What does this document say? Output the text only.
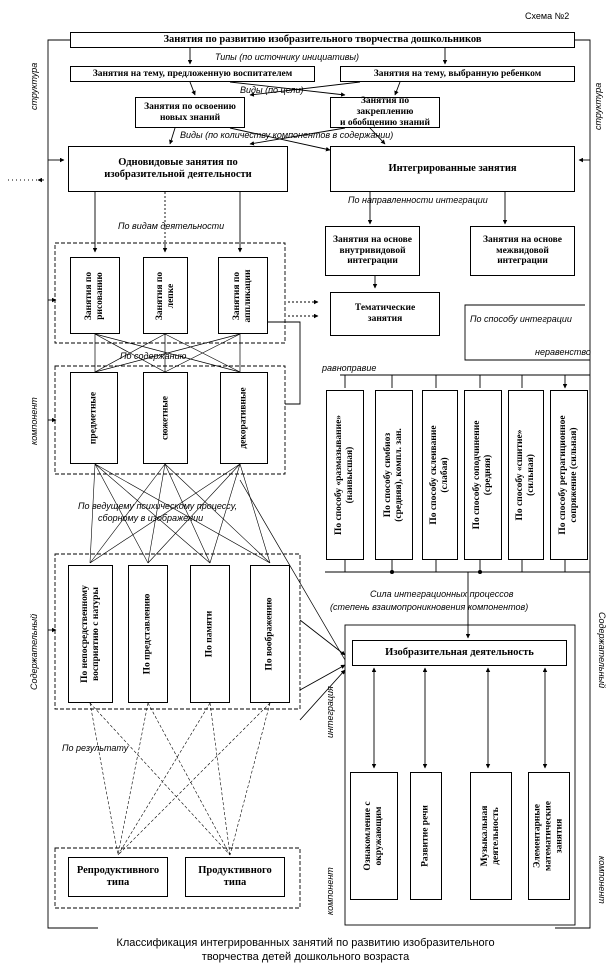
Схема №2
Занятия по развитию изобразительного творчества дошкольников
Типы (по источнику инициативы)
Занятия на тему, предложенную воспитателем	Занятия на тему, выбранную ребенком
Виды (по цели)
Занятия по освоению
новых знаний
Занятия по закреплению
и обобщению знаний
Виды (по количеству компонентов в содержании)
Одновидовые занятия по
изобразительной деятельности
Интегрированные занятия
По видам деятельности
По направленности интеграции
Занятия на основе
внутривидовой
интеграции
Занятия на основе
межвидовой
интеграции
Тематические
занятия	По способу интеграции
Занятия по рисованию	Занятия по лепке	Занятия по аппликации
По содержанию
предметные	сюжетные	декоративные
По ведущему психическому процессу,
сборному в изображении
По непосредственному восприятию с натуры	По представлению	По памяти	По воображению
По результату
Репродуктивного
типа
Продуктивного
типа
равноправие
неравенство
По способу «размазывание» (наивысшая)	По способу симбиоз (средняя), компл. зан.	По способу склеивание (слабая) По способу соподчинение (средняя) По способу «сшитие» (сильная) По способу ретрагиционное сопряжение (сильная)
Сила интеграционных процессов
(степень взаимопроникновения компонентов)
Изобразительная деятельность
Ознакомление с окружающим	Развитие речи	Музыкальная деятельность	Элементарные математические занятия
структура	структура
компонент
Содержательный	Содержательный
компонент
интеграция
компонент
Классификация интегрированных занятий по развитию изобразительного
творчества детей дошкольного возраста
